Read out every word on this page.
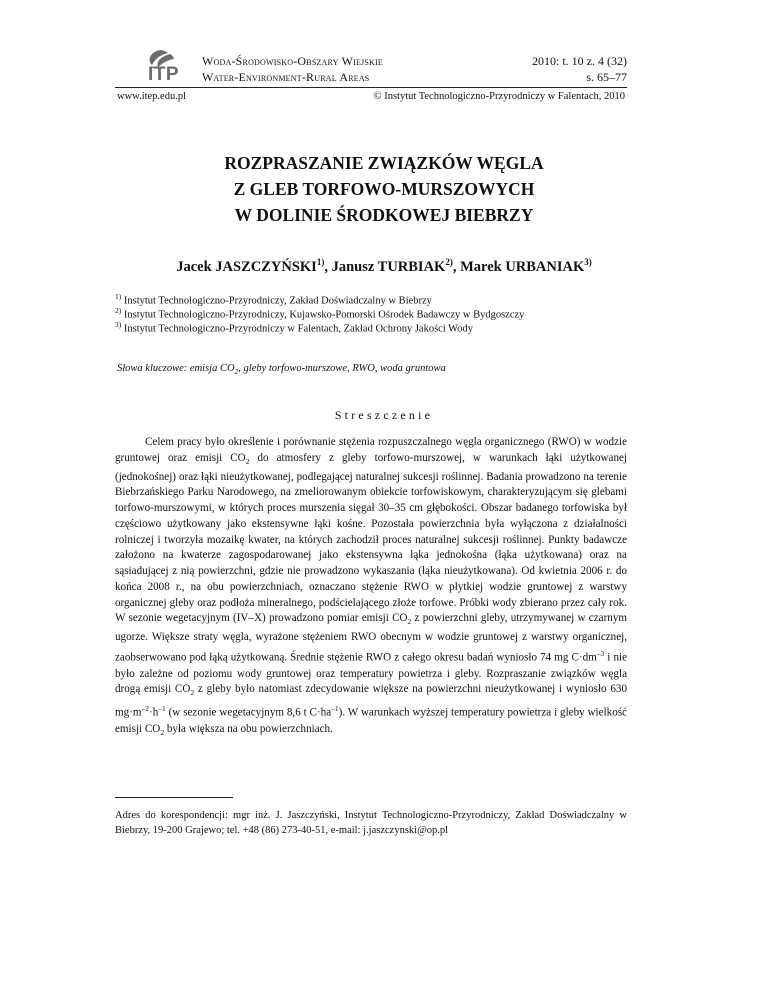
ITP
Woda-Środowisko-Obszary Wiejskie
Water-Environment-Rural Areas
2010: t. 10 z. 4 (32)
s. 65–77
www.itep.edu.pl	© Instytut Technologiczno-Przyrodniczy w Falentach, 2010
ROZPRASZANIE ZWIĄZKÓW WĘGLA
Z GLEB TORFOWO-MURSZOWYCH
W DOLINIE ŚRODKOWEJ BIEBRZY
Jacek JASZCZYŃSKI$^{1)}$, Janusz TURBIAK$^{2)}$, Marek URBANIAK$^{3)}$
$^{1)}$ Instytut Technologiczno-Przyrodniczy, Zakład Doświadczalny w Biebrzy
$^{2)}$ Instytut Technologiczno-Przyrodniczy, Kujawsko-Pomorski Ośrodek Badawczy w Bydgoszczy
$^{3)}$ Instytut Technologiczno-Przyrodniczy w Falentach, Zakład Ochrony Jakości Wody
Słowa kluczowe: emisja $CO_2$, gleby torfowo-murszowe, RWO, woda gruntowa
Streszczenie
Celem pracy było określenie i porównanie stężenia rozpuszczalnego węgla organicznego (RWO) w wodzie gruntowej oraz emisji $CO_2$ do atmosfery z gleby torfowo-murszowej, w warunkach łąki użytkowanej (jednokośnej) oraz łąki nieużytkowanej, podlegającej naturalnej sukcesji roślinnej. Badania prowadzono na terenie Biebrzańskiego Parku Narodowego, na zmeliorowanym obiekcie torfowiskowym, charakteryzującym się glebami torfowo-murszowymi, w których proces murszenia sięgał 30–35 cm głębokości. Obszar badanego torfowiska był częściowo użytkowany jako ekstensywne łąki kośne. Pozostała powierzchnia była wyłączona z działalności rolniczej i tworzyła mozaikę kwater, na których zachodził proces naturalnej sukcesji roślinnej. Punkty badawcze założono na kwaterze zagospodarowanej jako ekstensywna łąka jednokośna (łąka użytkowana) oraz na sąsiadującej z nią powierzchni, gdzie nie prowadzono wykaszania (łąka nieużytkowana). Od kwietnia 2006 r. do końca 2008 r., na obu powierzchniach, oznaczano stężenie RWO w płytkiej wodzie gruntowej z warstwy organicznej gleby oraz podłoża mineralnego, podścielającego złoże torfowe. Próbki wody zbierano przez cały rok. W sezonie wegetacyjnym (IV–X) prowadzono pomiar emisji $CO_2$ z powierzchni gleby, utrzymywanej w czarnym ugorze. Większe straty węgla, wyrażone stężeniem RWO obecnym w wodzie gruntowej z warstwy organicznej, zaobserwowano pod łąką użytkowaną. Średnie stężenie RWO z całego okresu badań wyniosło 74 mg $C\cdot dm^{-3}$ i nie było zależne od poziomu wody gruntowej oraz temperatury powietrza i gleby. Rozpraszanie związków węgla drogą emisji $CO_2$ z gleby było natomiast zdecydowanie większe na powierzchni nieużytkowanej i wyniosło 630 $mg\cdot m^{-2}\cdot h^{-1}$ (w sezonie wegetacyjnym 8,6 t $C\cdot ha^{-1}$). W warunkach wyższej temperatury powietrza i gleby wielkość emisji $CO_2$ była większa na obu powierzchniach.
Adres do korespondencji: mgr inż. J. Jaszczyński, Instytut Technologiczno-Przyrodniczy, Zakład Doświadczalny w Biebrzy, 19-200 Grajewo; tel. +48 (86) 273-40-51, e-mail: j.jaszczynski@op.pl
